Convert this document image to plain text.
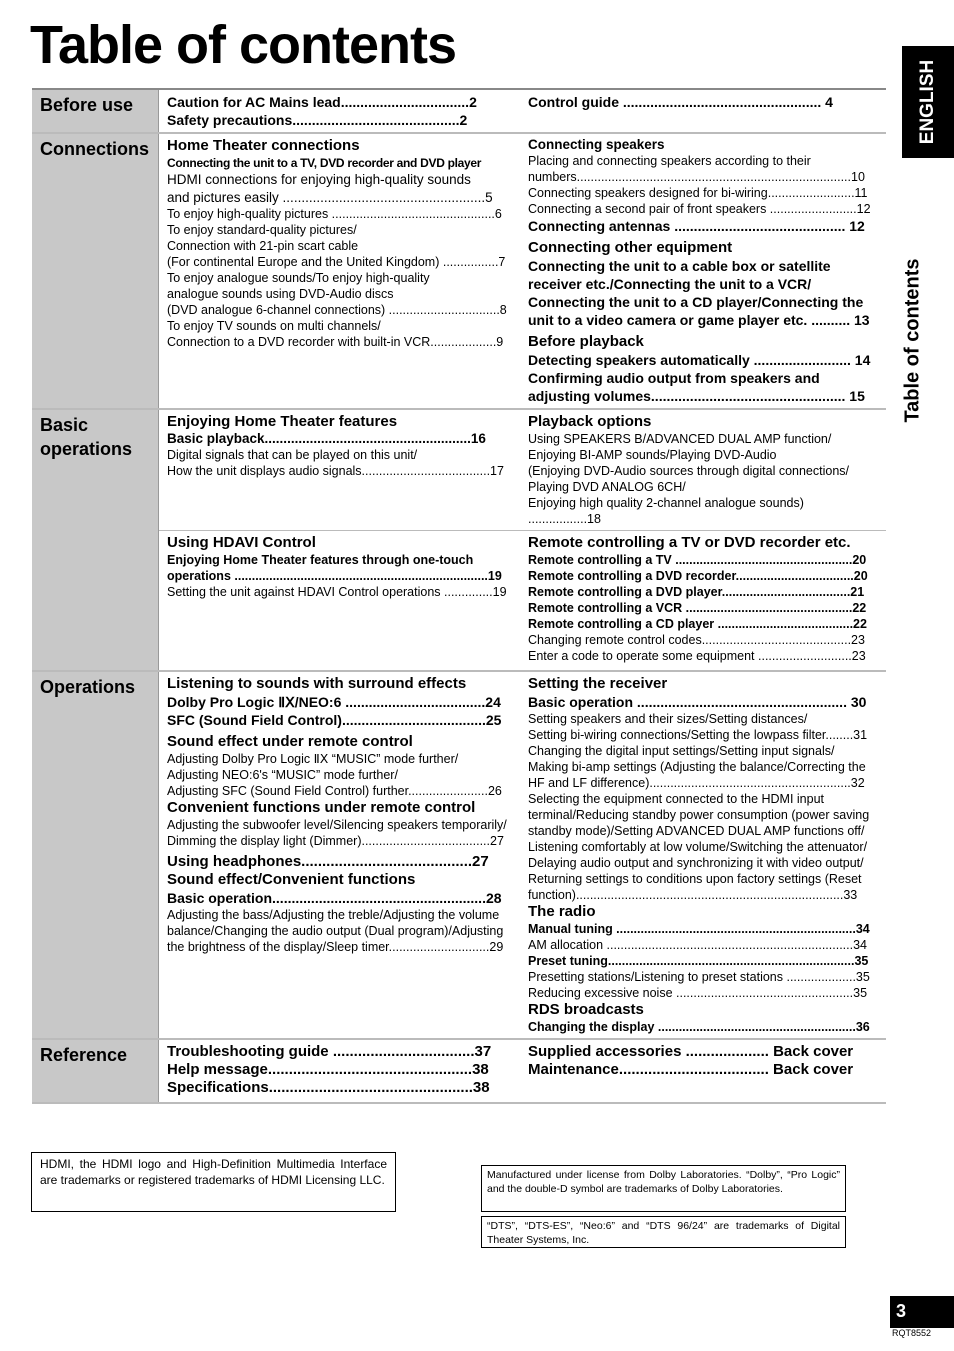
Table of contents
ENGLISH
Table of contents
Before use	Caution for AC Mains lead.................................2
Safety precautions...........................................2
Control guide ................................................... 4
Connections	Home Theater connections
Connecting the unit to a TV, DVD recorder and DVD player
HDMI connections for enjoying high-quality sounds
and pictures easily ......................................................5
To enjoy high-quality pictures ...............................................6
To enjoy standard-quality pictures/
Connection with 21-pin scart cable
(For continental Europe and the United Kingdom) ................7
To enjoy analogue sounds/To enjoy high-quality
analogue sounds using DVD-Audio discs
(DVD analogue 6-channel connections) ................................8
To enjoy TV sounds on multi channels/
Connection to a DVD recorder with built-in VCR...................9
Connecting speakers
Placing and connecting speakers according to their
numbers...............................................................................10
Connecting speakers designed for bi-wiring.........................11
Connecting a second pair of front speakers .........................12
Connecting antennas ............................................ 12
Connecting other equipment
Connecting the unit to a cable box or satellite
receiver etc./Connecting the unit to a VCR/
Connecting the unit to a CD player/Connecting the
unit to a video camera or game player etc. .......... 13
Before playback
Detecting speakers automatically ......................... 14
Confirming audio output from speakers and
adjusting volumes.................................................. 15
Basic operations
Enjoying Home Theater features
Basic playback.......................................................16
Digital signals that can be played on this unit/
How the unit displays audio signals.....................................17
Playback options
Using SPEAKERS B/ADVANCED DUAL AMP function/
Enjoying BI-AMP sounds/Playing DVD-Audio
(Enjoying DVD-Audio sources through digital connections/
Playing DVD ANALOG 6CH/
Enjoying high quality 2-channel analogue sounds) .................18
Using HDAVI Control
Enjoying Home Theater features through one-touch
operations .........................................................................19
Setting the unit against HDAVI Control operations ..............19
Remote controlling a TV or DVD recorder etc.
Remote controlling a TV ...................................................20
Remote controlling a DVD recorder..................................20
Remote controlling a DVD player.....................................21
Remote controlling a VCR ................................................22
Remote controlling a CD player .......................................22
Changing remote control codes...........................................23
Enter a code to operate some equipment ...........................23
Operations	Listening to sounds with surround effects
Dolby Pro Logic ⅡⅩ/NEO:6 ....................................24
SFC (Sound Field Control).....................................25
Sound effect under remote control
Adjusting Dolby Pro Logic ⅡⅩ “MUSIC” mode further/
Adjusting NEO:6's “MUSIC” mode further/
Adjusting SFC (Sound Field Control) further.......................26
Convenient functions under remote control
Adjusting the subwoofer level/Silencing speakers temporarily/
Dimming the display light (Dimmer).....................................27
Using headphones.........................................27
Sound effect/Convenient functions
Basic operation.......................................................28
Adjusting the bass/Adjusting the treble/Adjusting the volume
balance/Changing the audio output (Dual program)/Adjusting
the brightness of the display/Sleep timer.............................29
Setting the receiver
Basic operation ...................................................... 30
Setting speakers and their sizes/Setting distances/
Setting bi-wiring connections/Setting the lowpass filter........31
Changing the digital input settings/Setting input signals/
Making bi-amp settings (Adjusting the balance/Correcting the
HF and LF difference)..........................................................32
Selecting the equipment connected to the HDMI input
terminal/Reducing standby power consumption (power saving
standby mode)/Setting ADVANCED DUAL AMP functions off/
Listening comfortably at low volume/Switching the attenuator/
Delaying audio output and synchronizing it with video output/
Returning settings to conditions upon factory settings (Reset
function).............................................................................33
The radio
Manual tuning .....................................................................34
AM allocation .......................................................................34
Preset tuning.......................................................................35
Presetting stations/Listening to preset stations ....................35
Reducing excessive noise ...................................................35
RDS broadcasts
Changing the display .........................................................36
Reference	Troubleshooting guide ..................................37
Help message.................................................38
Specifications.................................................38
Supplied accessories .................... Back cover
Maintenance.................................... Back cover
HDMI, the HDMI logo and High-Definition Multimedia Interface are trademarks or registered trademarks of HDMI Licensing LLC.	Manufactured under license from Dolby Laboratories. “Dolby”, “Pro Logic” and the double-D symbol are trademarks of Dolby Laboratories.
“DTS”, “DTS-ES”, “Neo:6” and “DTS 96/24” are trademarks of Digital Theater Systems, Inc.
3
RQT8552
